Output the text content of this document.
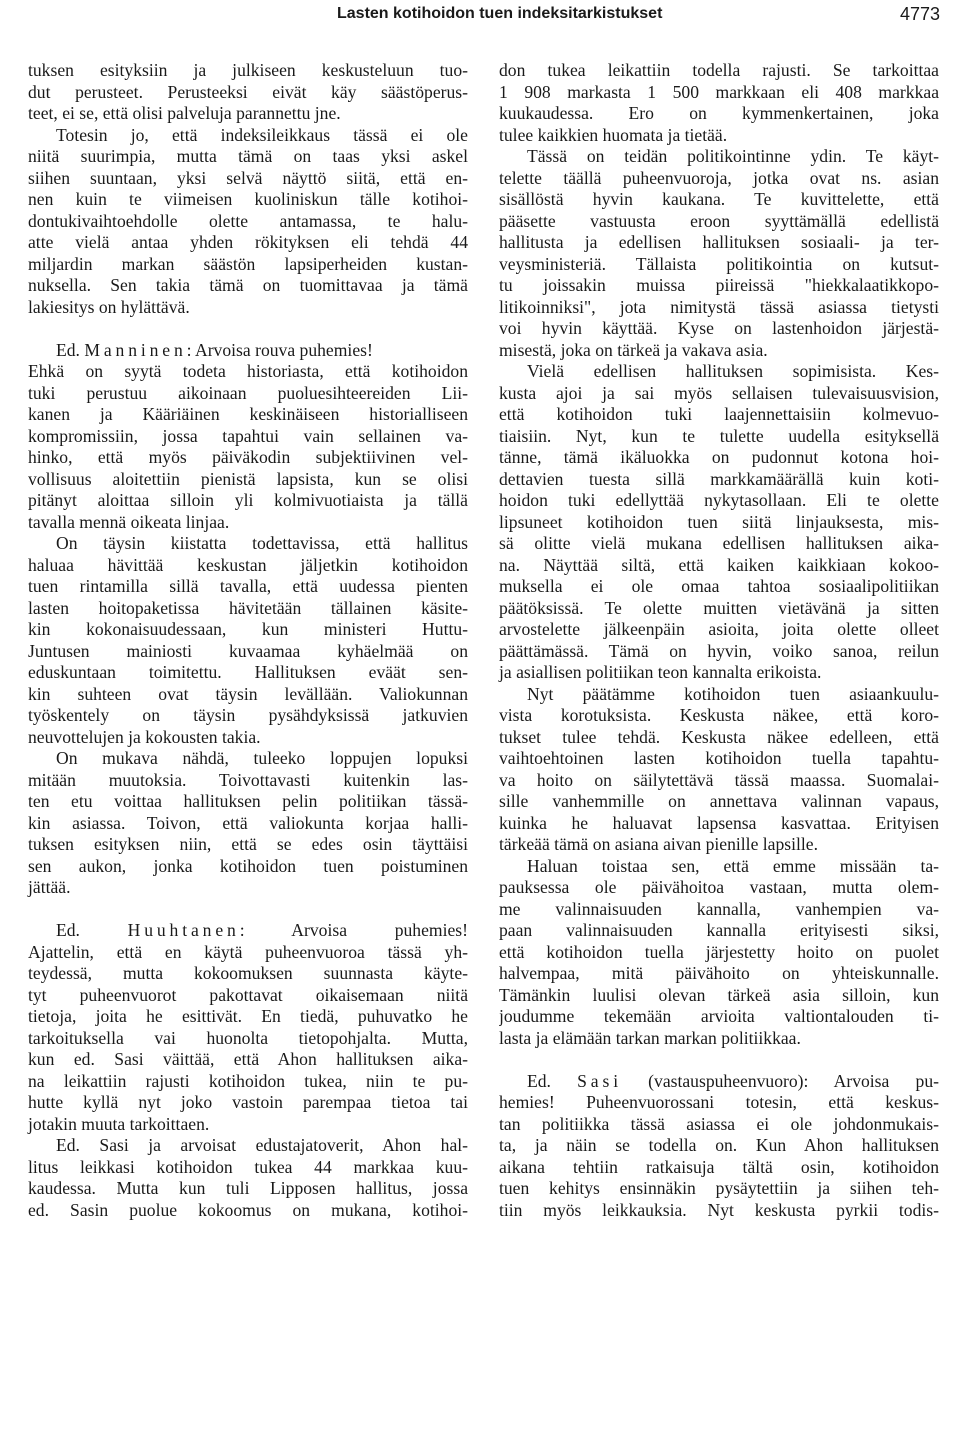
Lasten kotihoidon tuen indeksitarkistukset	4773
tuksen esityksiin ja julkiseen keskusteluun tuo-
dut perusteet. Perusteeksi eivät käy säästöperus-
teet, ei se, että olisi palveluja parannettu jne.
Totesin jo, että indeksileikkaus tässä ei ole
niitä suurimpia, mutta tämä on taas yksi askel
siihen suuntaan, yksi selvä näyttö siitä, että en-
nen kuin te viimeisen kuoliniskun tälle kotihoi-
dontukivaihtoehdolle olette antamassa, te halu-
atte vielä antaa yhden rökityksen eli tehdä 44
miljardin markan säästön lapsiperheiden kustan-
nuksella. Sen takia tämä on tuomittavaa ja tämä
lakiesitys on hylättävä.
Ed. Manninen: Arvoisa rouva puhemies!
Ehkä on syytä todeta historiasta, että kotihoidon
tuki perustuu aikoinaan puoluesihteereiden Lii-
kanen ja Kääriäinen keskinäiseen historialliseen
kompromissiin, jossa tapahtui vain sellainen va-
hinko, että myös päiväkodin subjektiivinen vel-
vollisuus aloitettiin pienistä lapsista, kun se olisi
pitänyt aloittaa silloin yli kolmivuotiaista ja tällä
tavalla mennä oikeata linjaa.
On täysin kiistatta todettavissa, että hallitus
haluaa hävittää keskustan jäljetkin kotihoidon
tuen rintamilla sillä tavalla, että uudessa pienten
lasten hoitopaketissa hävitetään tällainen käsite-
kin kokonaisuudessaan, kun ministeri Huttu-
Juntusen mainiosti kuvaamaa kyhäelmää on
eduskuntaan toimitettu. Hallituksen eväät sen-
kin suhteen ovat täysin levällään. Valiokunnan
työskentely on täysin pysähdyksissä jatkuvien
neuvottelujen ja kokousten takia.
On mukava nähdä, tuleeko loppujen lopuksi
mitään muutoksia. Toivottavasti kuitenkin las-
ten etu voittaa hallituksen pelin politiikan tässä-
kin asiassa. Toivon, että valiokunta korjaa halli-
tuksen esityksen niin, että se edes osin täyttäisi
sen aukon, jonka kotihoidon tuen poistuminen
jättää.
Ed. Huuhtanen: Arvoisa puhemies!
Ajattelin, että en käytä puheenvuoroa tässä yh-
teydessä, mutta kokoomuksen suunnasta käyte-
tyt puheenvuorot pakottavat oikaisemaan niitä
tietoja, joita he esittivät. En tiedä, puhuvatko he
tarkoituksella vai huonolta tietopohjalta. Mutta,
kun ed. Sasi väittää, että Ahon hallituksen aika-
na leikattiin rajusti kotihoidon tukea, niin te pu-
hutte kyllä nyt joko vastoin parempaa tietoa tai
jotakin muuta tarkoittaen.
Ed. Sasi ja arvoisat edustajatoverit, Ahon hal-
litus leikkasi kotihoidon tukea 44 markkaa kuu-
kaudessa. Mutta kun tuli Lipposen hallitus, jossa
ed. Sasin puolue kokoomus on mukana, kotihoi-
don tukea leikattiin todella rajusti. Se tarkoittaa
1 908 markasta 1 500 markkaan eli 408 markkaa
kuukaudessa. Ero on kymmenkertainen, joka
tulee kaikkien huomata ja tietää.
Tässä on teidän politikointinne ydin. Te käyt-
telette täällä puheenvuoroja, jotka ovat ns. asian
sisällöstä hyvin kaukana. Te kuvittelette, että
pääsette vastuusta eroon syyttämällä edellistä
hallitusta ja edellisen hallituksen sosiaali- ja ter-
veysministeriä. Tällaista politikointia on kutsut-
tu joissakin muissa piireissä "hiekkalaatikkopo-
litikoinniksi", jota nimitystä tässä asiassa tietysti
voi hyvin käyttää. Kyse on lastenhoidon järjestä-
misestä, joka on tärkeä ja vakava asia.
Vielä edellisen hallituksen sopimisista. Kes-
kusta ajoi ja sai myös sellaisen tulevaisuusvision,
että kotihoidon tuki laajennettaisiin kolmevuo-
tiaisiin. Nyt, kun te tulette uudella esityksellä
tänne, tämä ikäluokka on pudonnut kotona hoi-
dettavien tuesta sillä markkamäärällä kuin koti-
hoidon tuki edellyttää nykytasollaan. Eli te olette
lipsuneet kotihoidon tuen siitä linjauksesta, mis-
sä olitte vielä mukana edellisen hallituksen aika-
na. Näyttää siltä, että kaiken kaikkiaan kokoo-
muksella ei ole omaa tahtoa sosiaalipolitiikan
päätöksissä. Te olette muitten vietävänä ja sitten
arvostelette jälkeenpäin asioita, joita olette olleet
päättämässä. Tämä on hyvin, voiko sanoa, reilun
ja asiallisen politiikan teon kannalta erikoista.
Nyt päätämme kotihoidon tuen asiaankuulu-
vista korotuksista. Keskusta näkee, että koro-
tukset tulee tehdä. Keskusta näkee edelleen, että
vaihtoehtoinen lasten kotihoidon tuella tapahtu-
va hoito on säilytettävä tässä maassa. Suomalai-
sille vanhemmille on annettava valinnan vapaus,
kuinka he haluavat lapsensa kasvattaa. Erityisen
tärkeää tämä on asiana aivan pienille lapsille.
Haluan toistaa sen, että emme missään ta-
pauksessa ole päivähoitoa vastaan, mutta olem-
me valinnaisuuden kannalla, vanhempien va-
paan valinnaisuuden kannalla erityisesti siksi,
että kotihoidon tuella järjestetty hoito on puolet
halvempaa, mitä päivähoito on yhteiskunnalle.
Tämänkin luulisi olevan tärkeä asia silloin, kun
joudumme tekemään arvioita valtiontalouden ti-
lasta ja elämään tarkan markan politiikkaa.
Ed. Sasi (vastauspuheenvuoro): Arvoisa pu-
hemies! Puheenvuorossani totesin, että keskus-
tan politiikka tässä asiassa ei ole johdonmukais-
ta, ja näin se todella on. Kun Ahon hallituksen
aikana tehtiin ratkaisuja tältä osin, kotihoidon
tuen kehitys ensinnäkin pysäytettiin ja siihen teh-
tiin myös leikkauksia. Nyt keskusta pyrkii todis-
